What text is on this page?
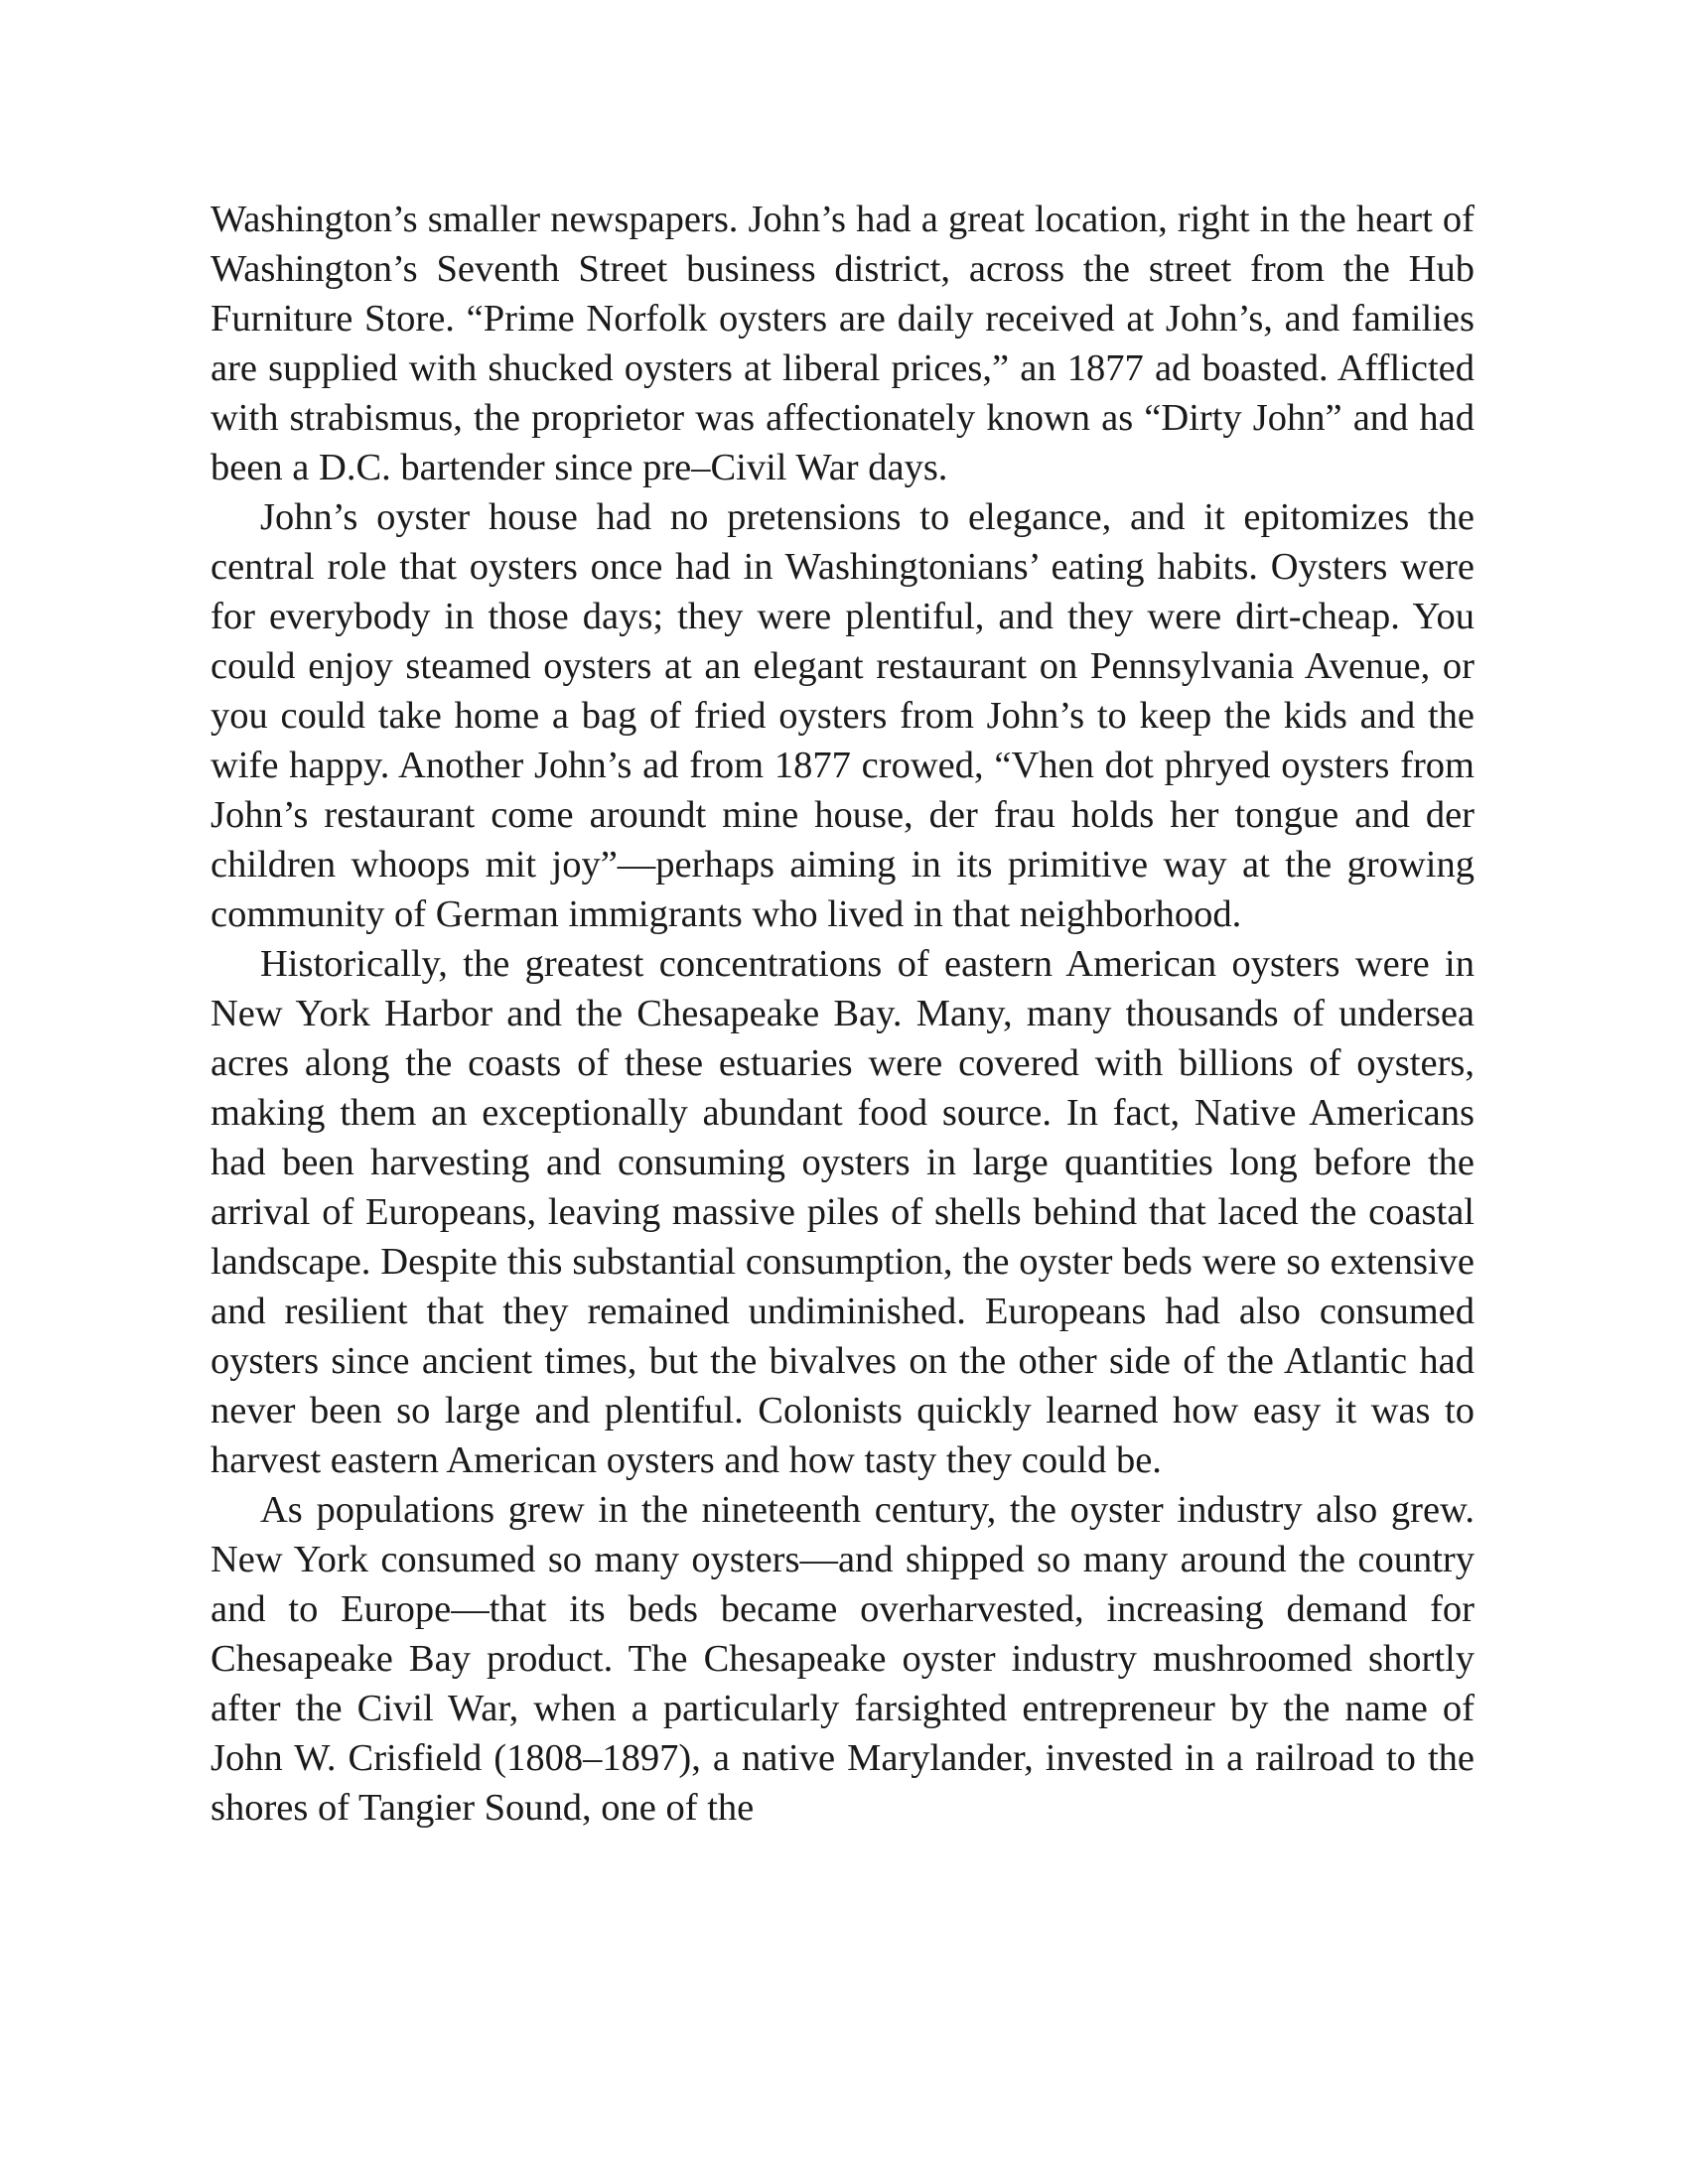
Washington’s smaller newspapers. John’s had a great location, right in the heart of Washington’s Seventh Street business district, across the street from the Hub Furniture Store. “Prime Norfolk oysters are daily received at John’s, and families are supplied with shucked oysters at liberal prices,” an 1877 ad boasted. Afflicted with strabismus, the proprietor was affectionately known as “Dirty John” and had been a D.C. bartender since pre–Civil War days.

John’s oyster house had no pretensions to elegance, and it epitomizes the central role that oysters once had in Washingtonians’ eating habits. Oysters were for everybody in those days; they were plentiful, and they were dirt-cheap. You could enjoy steamed oysters at an elegant restaurant on Pennsylvania Avenue, or you could take home a bag of fried oysters from John’s to keep the kids and the wife happy. Another John’s ad from 1877 crowed, “Vhen dot phryed oysters from John’s restaurant come aroundt mine house, der frau holds her tongue and der children whoops mit joy”—perhaps aiming in its primitive way at the growing community of German immigrants who lived in that neighborhood.

Historically, the greatest concentrations of eastern American oysters were in New York Harbor and the Chesapeake Bay. Many, many thousands of undersea acres along the coasts of these estuaries were covered with billions of oysters, making them an exceptionally abundant food source. In fact, Native Americans had been harvesting and consuming oysters in large quantities long before the arrival of Europeans, leaving massive piles of shells behind that laced the coastal landscape. Despite this substantial consumption, the oyster beds were so extensive and resilient that they remained undiminished. Europeans had also consumed oysters since ancient times, but the bivalves on the other side of the Atlantic had never been so large and plentiful. Colonists quickly learned how easy it was to harvest eastern American oysters and how tasty they could be.

As populations grew in the nineteenth century, the oyster industry also grew. New York consumed so many oysters—and shipped so many around the country and to Europe—that its beds became overharvested, increasing demand for Chesapeake Bay product. The Chesapeake oyster industry mushroomed shortly after the Civil War, when a particularly farsighted entrepreneur by the name of John W. Crisfield (1808–1897), a native Marylander, invested in a railroad to the shores of Tangier Sound, one of the
